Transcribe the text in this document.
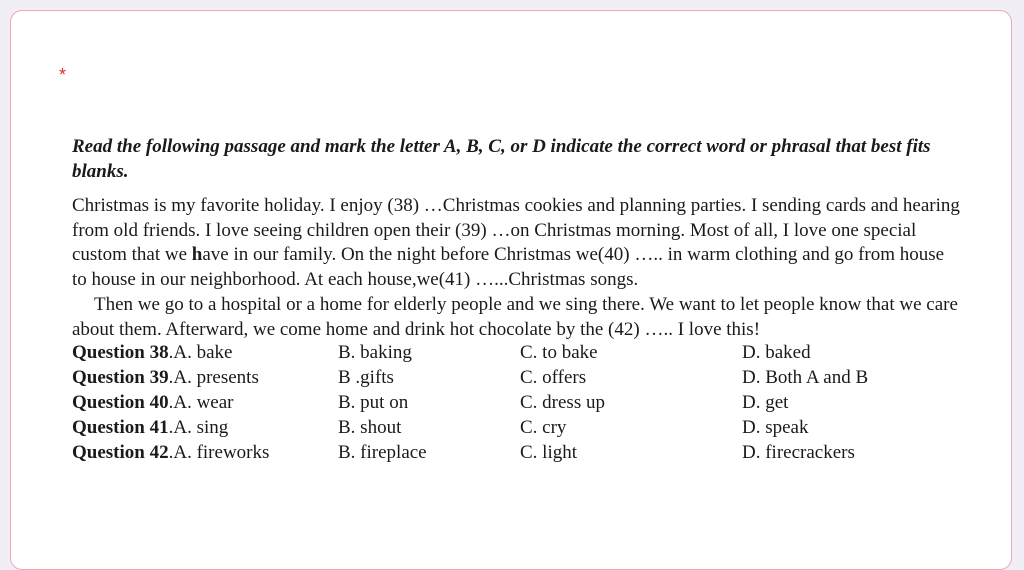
*

Read the following passage and mark the letter A, B, C, or D indicate the correct word or phrasal that best fits blanks.

Christmas is my favorite holiday. I enjoy (38) …Christmas cookies and planning parties. I sending cards and hearing from old friends. I love seeing children open their (39) …on Christmas morning. Most of all, I love one special custom that we have in our family. On the night before Christmas we(40) ….. in warm clothing and go from house to house in our neighborhood. At each house,we(41) …...Christmas songs.

Then we go to a hospital or a home for elderly people and we sing there. We want to let people know that we care about them. Afterward, we come home and drink hot chocolate by the (42) ….. I love this!

Question 38.A. bake	B. baking	C. to bake	D. baked
Question 39.A. presents	B .gifts	C. offers	D. Both A and B
Question 40.A. wear	B. put on	C. dress up	D. get
Question 41.A. sing	B. shout	C. cry	D. speak
Question 42.A. fireworks	B. fireplace	C. light	D. firecrackers
